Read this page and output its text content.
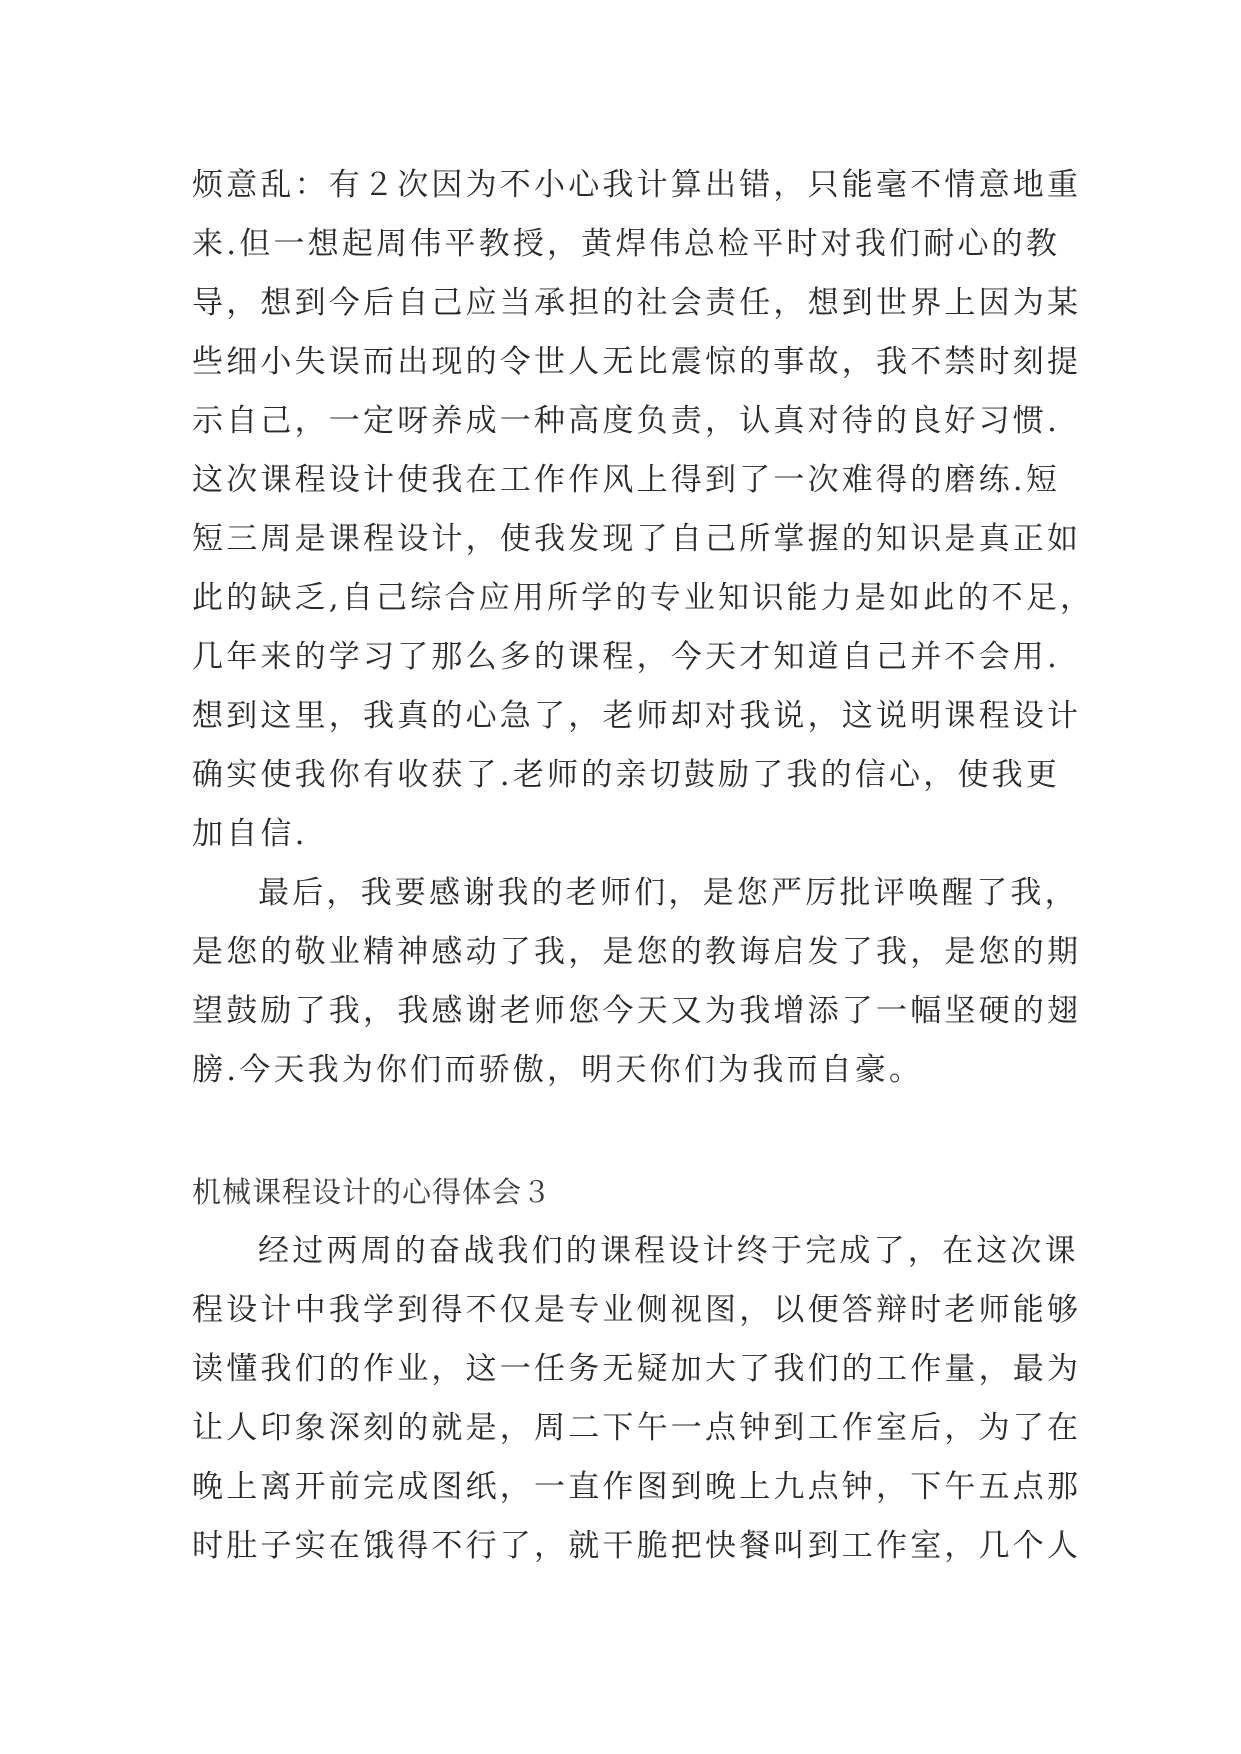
烦意乱：有２次因为不小心我计算出错，只能毫不情意地重
来.但一想起周伟平教授，黄焊伟总检平时对我们耐心的教
导，想到今后自己应当承担的社会责任，想到世界上因为某
些细小失误而出现的令世人无比震惊的事故，我不禁时刻提
示自己，一定呀养成一种高度负责，认真对待的良好习惯.
这次课程设计使我在工作作风上得到了一次难得的磨练.短
短三周是课程设计，使我发现了自己所掌握的知识是真正如
此的缺乏,自己综合应用所学的专业知识能力是如此的不足，
几年来的学习了那么多的课程，今天才知道自己并不会用.
想到这里，我真的心急了，老师却对我说，这说明课程设计
确实使我你有收获了.老师的亲切鼓励了我的信心，使我更
加自信.
最后，我要感谢我的老师们，是您严厉批评唤醒了我，
是您的敬业精神感动了我，是您的教诲启发了我，是您的期
望鼓励了我，我感谢老师您今天又为我增添了一幅坚硬的翅
膀.今天我为你们而骄傲，明天你们为我而自豪。
机械课程设计的心得体会３
经过两周的奋战我们的课程设计终于完成了，在这次课
程设计中我学到得不仅是专业侧视图，以便答辩时老师能够
读懂我们的作业，这一任务无疑加大了我们的工作量，最为
让人印象深刻的就是，周二下午一点钟到工作室后，为了在
晚上离开前完成图纸，一直作图到晚上九点钟，下午五点那
时肚子实在饿得不行了，就干脆把快餐叫到工作室，几个人
